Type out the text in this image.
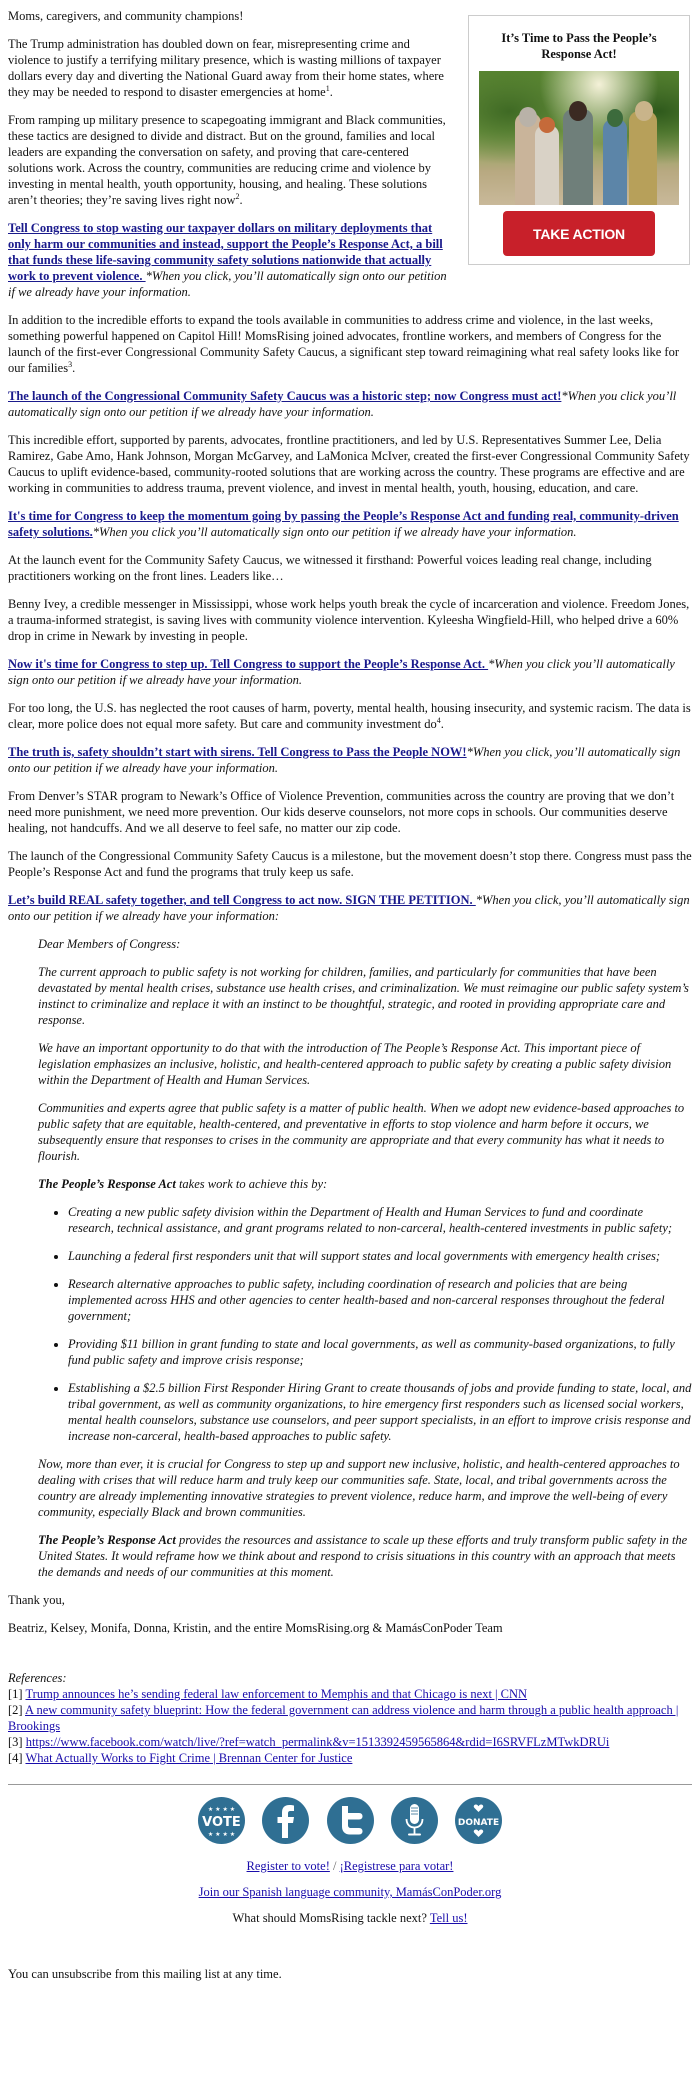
It’s Time to Pass the People’s Response Act!
TAKE ACTION

Moms, caregivers, and community champions!

The Trump administration has doubled down on fear, misrepresenting crime and violence to justify a terrifying military presence, which is wasting millions of taxpayer dollars every day and diverting the National Guard away from their home states, where they may be needed to respond to disaster emergencies at home$^1$.

From ramping up military presence to scapegoating immigrant and Black communities, these tactics are designed to divide and distract. But on the ground, families and local leaders are expanding the conversation on safety, and proving that care-centered solutions work. Across the country, communities are reducing crime and violence by investing in mental health, youth opportunity, housing, and healing. These solutions aren’t theories; they’re saving lives right now$^2$.

Tell Congress to stop wasting our taxpayer dollars on military deployments that only harm our communities and instead, support the People’s Response Act, a bill that funds these life-saving community safety solutions nationwide that actually work to prevent violence. *When you click, you’ll automatically sign onto our petition if we already have your information.

In addition to the incredible efforts to expand the tools available in communities to address crime and violence, in the last weeks, something powerful happened on Capitol Hill! MomsRising joined advocates, frontline workers, and members of Congress for the launch of the first-ever Congressional Community Safety Caucus, a significant step toward reimagining what real safety looks like for our families$^3$.

The launch of the Congressional Community Safety Caucus was a historic step; now Congress must act!*When you click you’ll automatically sign onto our petition if we already have your information.

This incredible effort, supported by parents, advocates, frontline practitioners, and led by U.S. Representatives Summer Lee, Delia Ramirez, Gabe Amo, Hank Johnson, Morgan McGarvey, and LaMonica McIver, created the first-ever Congressional Community Safety Caucus to uplift evidence-based, community-rooted solutions that are working across the country. These programs are effective and are working in communities to address trauma, prevent violence, and invest in mental health, youth, housing, education, and care.

It's time for Congress to keep the momentum going by passing the People’s Response Act and funding real, community-driven safety solutions.*When you click you’ll automatically sign onto our petition if we already have your information.

At the launch event for the Community Safety Caucus, we witnessed it firsthand: Powerful voices leading real change, including practitioners working on the front lines. Leaders like…

Benny Ivey, a credible messenger in Mississippi, whose work helps youth break the cycle of incarceration and violence. Freedom Jones, a trauma-informed strategist, is saving lives with community violence intervention. Kyleesha Wingfield-Hill, who helped drive a 60% drop in crime in Newark by investing in people.

Now it's time for Congress to step up. Tell Congress to support the People’s Response Act. *When you click you’ll automatically sign onto our petition if we already have your information.

For too long, the U.S. has neglected the root causes of harm, poverty, mental health, housing insecurity, and systemic racism. The data is clear, more police does not equal more safety. But care and community investment $do^4$.

The truth is, safety shouldn’t start with sirens. Tell Congress to Pass the People NOW!*When you click, you’ll automatically sign onto our petition if we already have your information.

From Denver’s STAR program to Newark’s Office of Violence Prevention, communities across the country are proving that we don’t need more punishment, we need more prevention. Our kids deserve counselors, not more cops in schools. Our communities deserve healing, not handcuffs. And we all deserve to feel safe, no matter our zip code.

The launch of the Congressional Community Safety Caucus is a milestone, but the movement doesn’t stop there. Congress must pass the People’s Response Act and fund the programs that truly keep us safe.

Let’s build REAL safety together, and tell Congress to act now. SIGN THE PETITION. *When you click, you’ll automatically sign onto our petition if we already have your information:

Dear Members of Congress:

The current approach to public safety is not working for children, families, and particularly for communities that have been devastated by mental health crises, substance use health crises, and criminalization. We must reimagine our public safety system’s instinct to criminalize and replace it with an instinct to be thoughtful, strategic, and rooted in providing appropriate care and response.

We have an important opportunity to do that with the introduction of The People’s Response Act. This important piece of legislation emphasizes an inclusive, holistic, and health-centered approach to public safety by creating a public safety division within the Department of Health and Human Services.

Communities and experts agree that public safety is a matter of public health. When we adopt new evidence-based approaches to public safety that are equitable, health-centered, and preventative in efforts to stop violence and harm before it occurs, we subsequently ensure that responses to crises in the community are appropriate and that every community has what it needs to flourish.

The People’s Response Act takes work to achieve this by:

• Creating a new public safety division within the Department of Health and Human Services to fund and coordinate research, technical assistance, and grant programs related to non-carceral, health-centered investments in public safety;
• Launching a federal first responders unit that will support states and local governments with emergency health crises;
• Research alternative approaches to public safety, including coordination of research and policies that are being implemented across HHS and other agencies to center health-based and non-carceral responses throughout the federal government;
• Providing $11 billion in grant funding to state and local governments, as well as community-based organizations, to fully fund public safety and improve crisis response;
• Establishing a $2.5 billion First Responder Hiring Grant to create thousands of jobs and provide funding to state, local, and tribal government, as well as community organizations, to hire emergency first responders such as licensed social workers, mental health counselors, substance use counselors, and peer support specialists, in an effort to improve crisis response and increase non-carceral, health-based approaches to public safety.

Now, more than ever, it is crucial for Congress to step up and support new inclusive, holistic, and health-centered approaches to dealing with crises that will reduce harm and truly keep our communities safe. State, local, and tribal governments across the country are already implementing innovative strategies to prevent violence, reduce harm, and improve the well-being of every community, especially Black and brown communities.

The People’s Response Act provides the resources and assistance to scale up these efforts and truly transform public safety in the United States. It would reframe how we think about and respond to crisis situations in this country with an approach that meets the demands and needs of our communities at this moment.

Thank you,

Beatriz, Kelsey, Monifa, Donna, Kristin, and the entire MomsRising.org & MamásConPoder Team

References:
[1] Trump announces he’s sending federal law enforcement to Memphis and that Chicago is next | CNN
[2] A new community safety blueprint: How the federal government can address violence and harm through a public health approach | Brookings
[3] https://www.facebook.com/watch/live/?ref=watch_permalink&v=1513392459565864&rdid=I6SRVFLzMTwkDRUi
[4] What Actually Works to Fight Crime | Brennan Center for Justice
VOTE
★ ★ ★ ★
★ ★ ★ ★

DONATE

Register to vote! / ¡Registrese para votar!

Join our Spanish language community, MamásConPoder.org

What should MomsRising tackle next? Tell us!

You can unsubscribe from this mailing list at any time.
